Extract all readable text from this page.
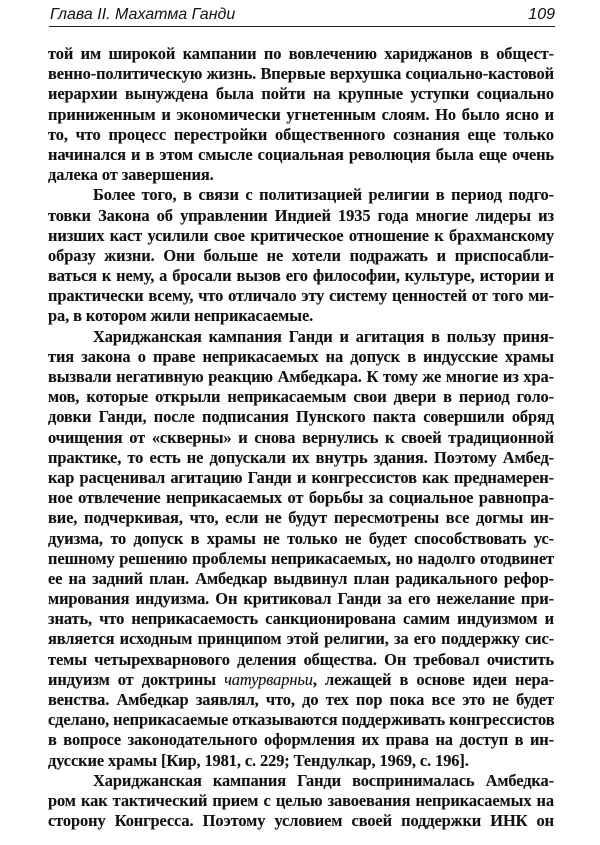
Глава II. Махатма Ганди	109
той им широкой кампании по вовлечению хариджанов в общест-
венно-политическую жизнь. Впервые верхушка социально-кастовой
иерархии вынуждена была пойти на крупные уступки социально
приниженным и экономически угнетенным слоям. Но было ясно и
то, что процесс перестройки общественного сознания еще только
начинался и в этом смысле социальная революция была еще очень
далека от завершения.
Более того, в связи с политизацией религии в период подго-
товки Закона об управлении Индией 1935 года многие лидеры из
низших каст усилили свое критическое отношение к брахманскому
образу жизни. Они больше не хотели подражать и приспосабли-
ваться к нему, а бросали вызов его философии, культуре, истории и
практически всему, что отличало эту систему ценностей от того ми-
ра, в котором жили неприкасаемые.
Хариджанская кампания Ганди и агитация в пользу приня-
тия закона о праве неприкасаемых на допуск в индусские храмы
вызвали негативную реакцию Амбедкара. К тому же многие из хра-
мов, которые открыли неприкасаемым свои двери в период голо-
довки Ганди, после подписания Пунского пакта совершили обряд
очищения от «скверны» и снова вернулись к своей традиционной
практике, то есть не допускали их внутрь здания. Поэтому Амбед-
кар расценивал агитацию Ганди и конгрессистов как преднамерен-
ное отвлечение неприкасаемых от борьбы за социальное равнопра-
вие, подчеркивая, что, если не будут пересмотрены все догмы ин-
дуизма, то допуск в храмы не только не будет способствовать ус-
пешному решению проблемы неприкасаемых, но надолго отодвинет
ее на задний план. Амбедкар выдвинул план радикального рефор-
мирования индуизма. Он критиковал Ганди за его нежелание при-
знать, что неприкасаемость санкционирована самим индуизмом и
является исходным принципом этой религии, за его поддержку сис-
темы четырехварнового деления общества. Он требовал очистить
индуизм от доктрины чатурварньи, лежащей в основе идеи нера-
венства. Амбедкар заявлял, что, до тех пор пока все это не будет
сделано, неприкасаемые отказываются поддерживать конгрессистов
в вопросе законодательного оформления их права на доступ в ин-
дусские храмы [Кир, 1981, с. 229; Тендулкар, 1969, с. 196].
Хариджанская кампания Ганди воспринималась Амбедка-
ром как тактический прием с целью завоевания неприкасаемых на
сторону Конгресса. Поэтому условием своей поддержки ИНК он
